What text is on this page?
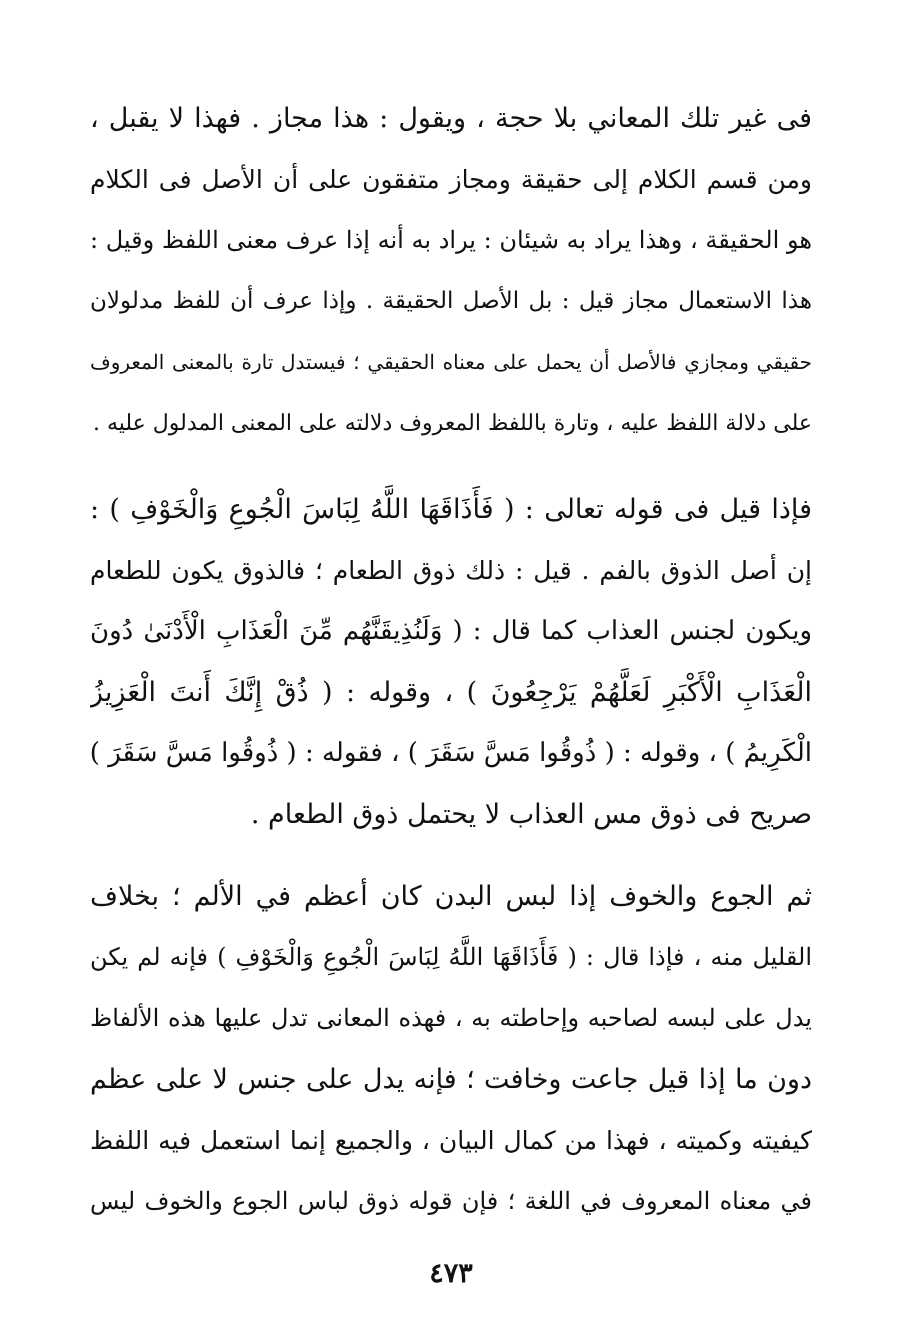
فى غير تلك المعاني بلا حجة ، ويقول : هذا مجاز . فهذا لا يقبل ،
ومن قسم الكلام إلى حقيقة ومجاز متفقون على أن الأصل فى الكلام
هو الحقيقة ، وهذا يراد به شيئان : يراد به أنه إذا عرف معنى اللفظ وقيل :
هذا الاستعمال مجاز قيل : بل الأصل الحقيقة . وإذا عرف أن للفظ مدلولان
حقيقي ومجازي فالأصل أن يحمل على معناه الحقيقي ؛ فيستدل تارة بالمعنى المعروف
على دلالة اللفظ عليه ، وتارة باللفظ المعروف دلالته على المعنى المدلول عليه .
فإذا قيل فى قوله تعالى : ( فَأَذَاقَهَا اللَّهُ لِبَاسَ الْجُوعِ وَالْخَوْفِ ) :
إن أصل الذوق بالفم . قيل : ذلك ذوق الطعام ؛ فالذوق يكون للطعام
ويكون لجنس العذاب كما قال : ( وَلَنُذِيقَنَّهُم مِّنَ الْعَذَابِ الْأَدْنَىٰ دُونَ
الْعَذَابِ الْأَكْبَرِ لَعَلَّهُمْ يَرْجِعُونَ ) ، وقوله : ( ذُقْ إِنَّكَ أَنتَ الْعَزِيزُ
الْكَرِيمُ ) ، وقوله : ( ذُوقُوا مَسَّ سَقَرَ ) ، فقوله : ( ذُوقُوا مَسَّ سَقَرَ )
صريح فى ذوق مس العذاب لا يحتمل ذوق الطعام .
ثم الجوع والخوف إذا لبس البدن كان أعظم في الألم ؛ بخلاف
القليل منه ، فإذا قال : ( فَأَذَاقَهَا اللَّهُ لِبَاسَ الْجُوعِ وَالْخَوْفِ ) فإنه لم يكن
يدل على لبسه لصاحبه وإحاطته به ، فهذه المعانى تدل عليها هذه الألفاظ
دون ما إذا قيل جاعت وخافت ؛ فإنه يدل على جنس لا على عظم
كيفيته وكميته ، فهذا من كمال البيان ، والجميع إنما استعمل فيه اللفظ
في معناه المعروف في اللغة ؛ فإن قوله ذوق لباس الجوع والخوف ليس
٤٧٣
